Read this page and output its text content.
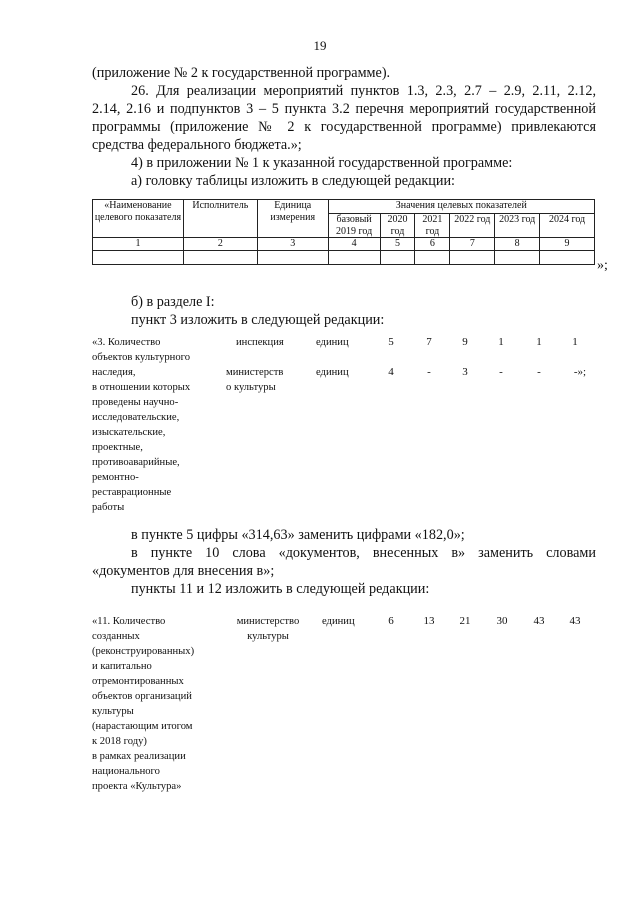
19
(приложение № 2 к государственной программе).
26. Для реализации мероприятий пунктов 1.3, 2.3, 2.7 – 2.9, 2.11, 2.12,
2.14, 2.16 и подпунктов 3 – 5 пункта 3.2 перечня мероприятий государственной
программы (приложение № 2 к государственной программе) привлекаются
средства федерального бюджета.»;
4) в приложении № 1 к указанной государственной программе:
а) головку таблицы изложить в следующей редакции:
«Наименование целевого показателя	Исполнитель	Единица измерения	Значения целевых показателей					
			базовый 2019 год	2020 год	2021 год	2022 год	2023 год	2024 год
1	2	3	4	5	6	7	8	9

»;
б) в разделе I:
пункт 3 изложить в следующей редакции:
«3. Количество
объектов культурного
наследия,
в отношении которых
проведены научно-
исследовательские,
изыскательские,
проектные,
противоаварийные,
ремонтно-
реставрационные
работы
инспекция	единиц	5	7	9	1	1	1
министерств
о культуры
единиц	4	-	3	-	-	-»;
в пункте 5 цифры «314,63» заменить цифрами «182,0»;
в пункте 10 слова «документов, внесенных в» заменить словами
«документов для внесения в»;
пункты 11 и 12 изложить в следующей редакции:
«11. Количество
созданных
(реконструированных)
и капитально
отремонтированных
объектов организаций
культуры
(нарастающим итогом
к 2018 году)
в рамках реализации
национального
проекта «Культура»
министерство
культуры
единиц	6	13	21	30	43	43
